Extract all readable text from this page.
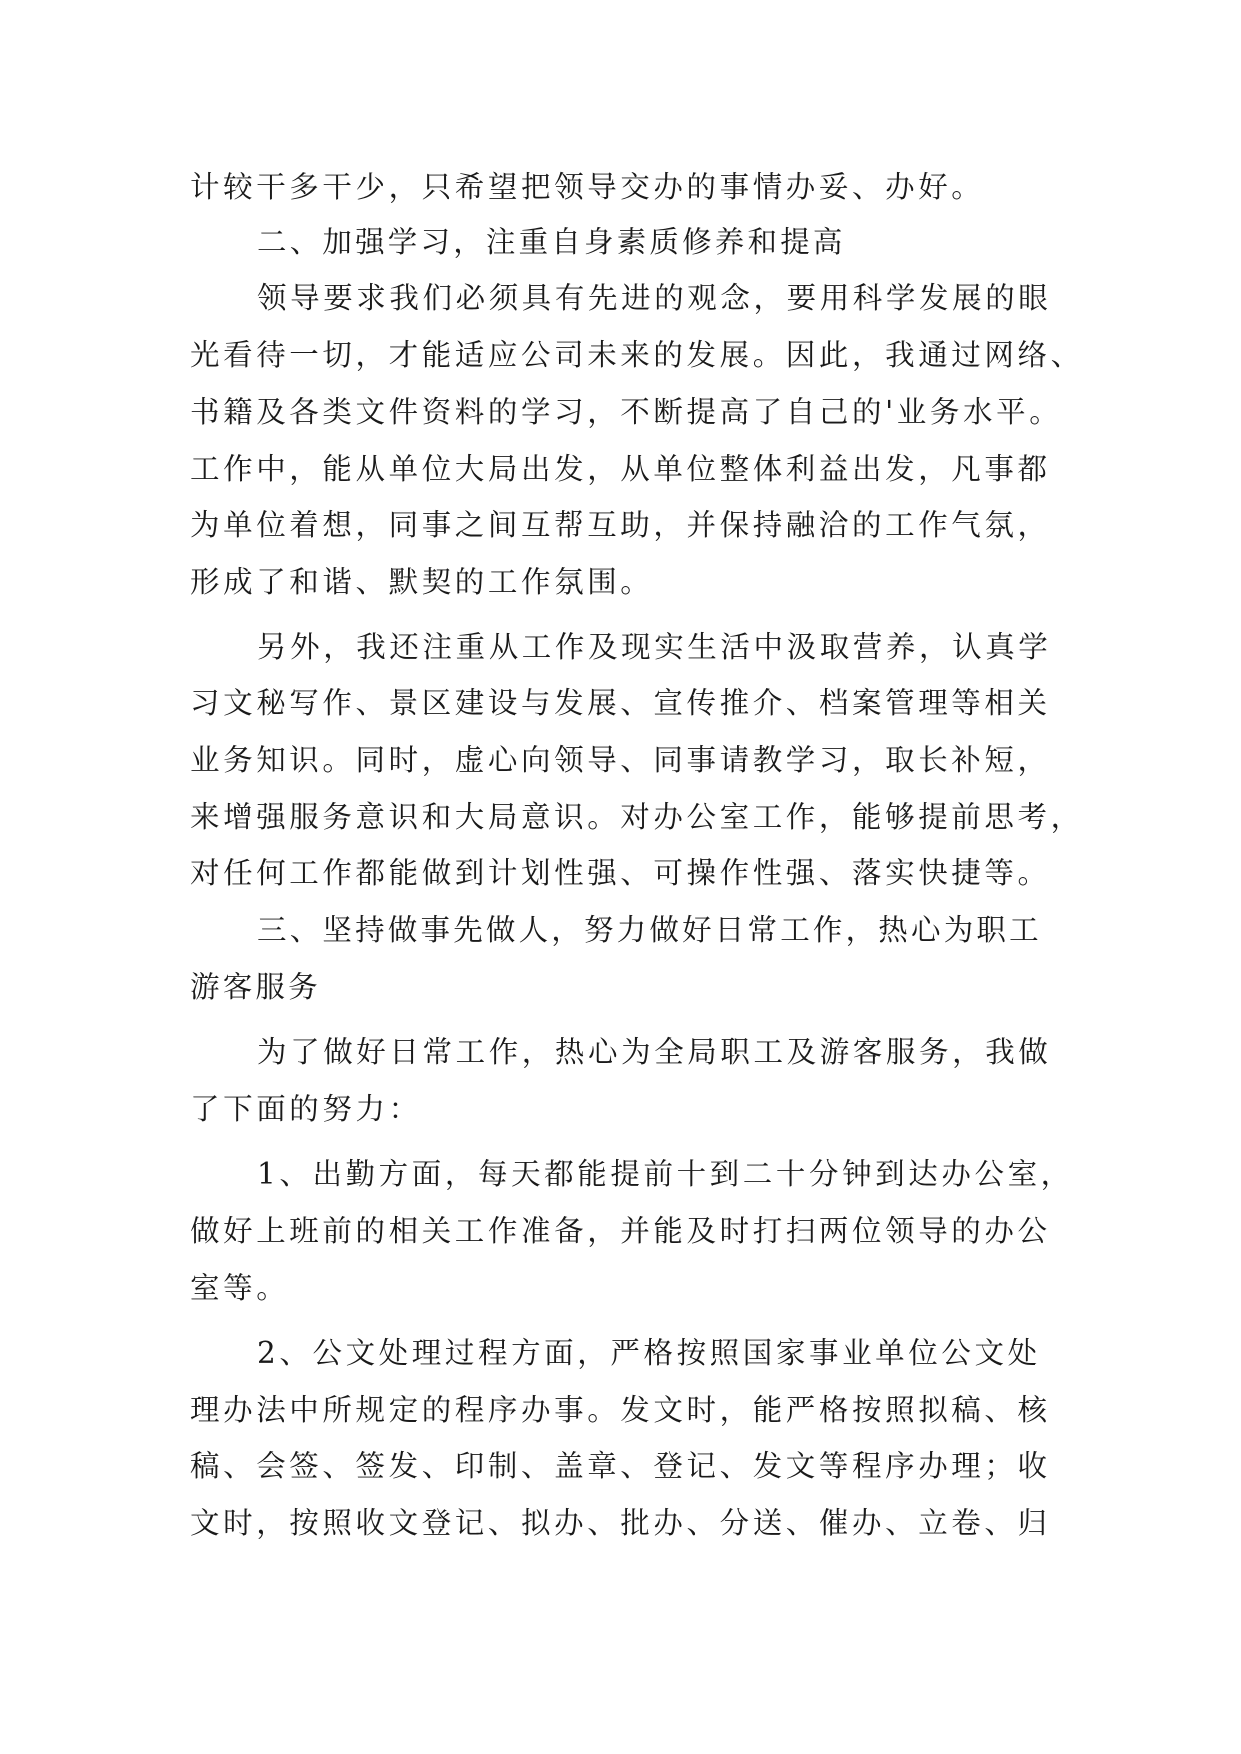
计较干多干少，只希望把领导交办的事情办妥、办好。

二、加强学习，注重自身素质修养和提高

领导要求我们必须具有先进的观念，要用科学发展的眼

光看待一切，才能适应公司未来的发展。因此，我通过网络、

书籍及各类文件资料的学习，不断提高了自己的'业务水平。

工作中，能从单位大局出发，从单位整体利益出发，凡事都

为单位着想，同事之间互帮互助，并保持融洽的工作气氛，

形成了和谐、默契的工作氛围。

另外，我还注重从工作及现实生活中汲取营养，认真学

习文秘写作、景区建设与发展、宣传推介、档案管理等相关

业务知识。同时，虚心向领导、同事请教学习，取长补短，

来增强服务意识和大局意识。对办公室工作，能够提前思考，

对任何工作都能做到计划性强、可操作性强、落实快捷等。

三、坚持做事先做人，努力做好日常工作，热心为职工

游客服务

为了做好日常工作，热心为全局职工及游客服务，我做

了下面的努力：

1、出勤方面，每天都能提前十到二十分钟到达办公室，

做好上班前的相关工作准备，并能及时打扫两位领导的办公

室等。

2、公文处理过程方面，严格按照国家事业单位公文处

理办法中所规定的程序办事。发文时，能严格按照拟稿、核

稿、会签、签发、印制、盖章、登记、发文等程序办理；收

文时，按照收文登记、拟办、批办、分送、催办、立卷、归
